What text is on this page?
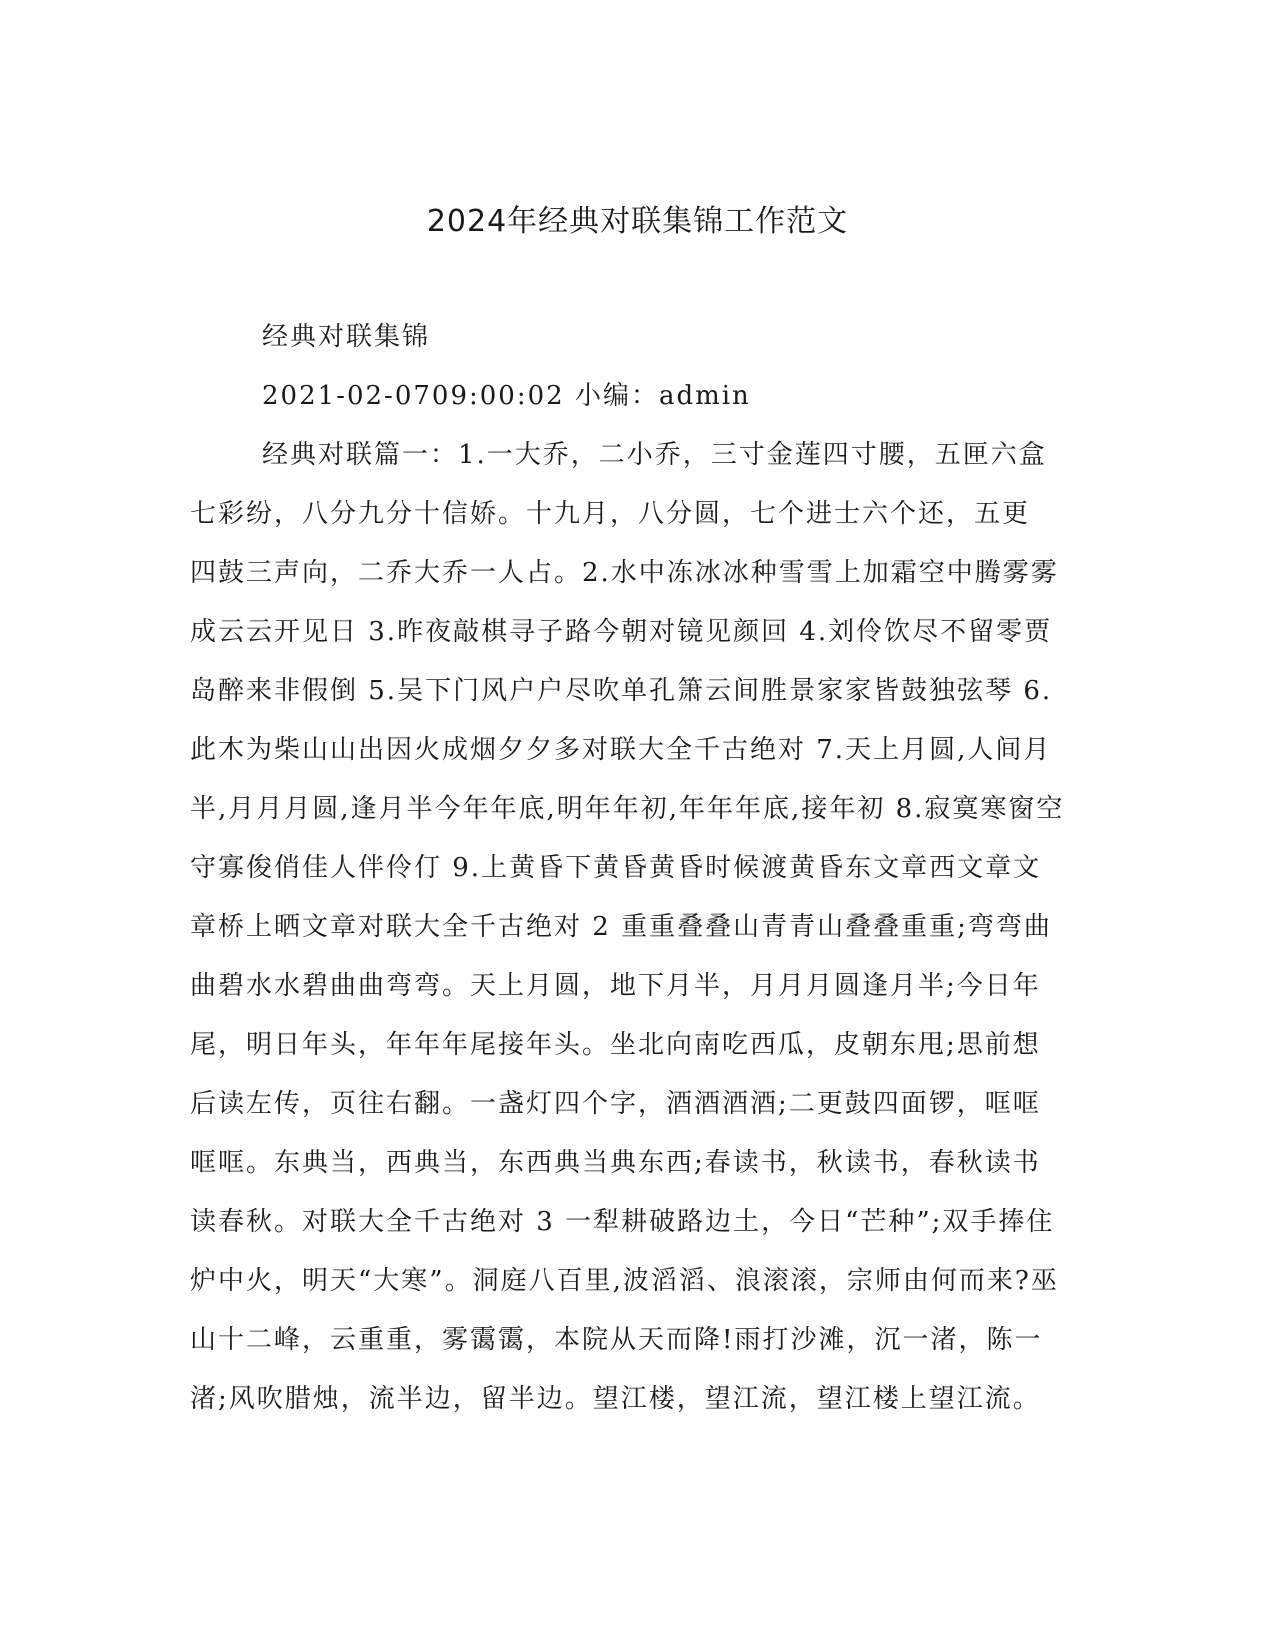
2024年经典对联集锦工作范文
经典对联集锦
2021-02-0709:00:02 小编：admin
经典对联篇一：1.一大乔，二小乔，三寸金莲四寸腰，五匣六盒
七彩纷，八分九分十信娇。十九月，八分圆，七个进士六个还，五更
四鼓三声向，二乔大乔一人占。2.水中冻冰冰种雪雪上加霜空中腾雾雾
成云云开见日 3.昨夜敲棋寻子路今朝对镜见颜回 4.刘伶饮尽不留零贾
岛醉来非假倒 5.吴下门风户户尽吹单孔箫云间胜景家家皆鼓独弦琴 6.
此木为柴山山出因火成烟夕夕多对联大全千古绝对 7.天上月圆,人间月
半,月月月圆,逢月半今年年底,明年年初,年年年底,接年初 8.寂寞寒窗空
守寡俊俏佳人伴伶仃 9.上黄昏下黄昏黄昏时候渡黄昏东文章西文章文
章桥上晒文章对联大全千古绝对 2 重重叠叠山青青山叠叠重重;弯弯曲
曲碧水水碧曲曲弯弯。天上月圆，地下月半，月月月圆逢月半;今日年
尾，明日年头，年年年尾接年头。坐北向南吃西瓜，皮朝东甩;思前想
后读左传，页往右翻。一盏灯四个字，酒酒酒酒;二更鼓四面锣，哐哐
哐哐。东典当，西典当，东西典当典东西;春读书，秋读书，春秋读书
读春秋。对联大全千古绝对 3 一犁耕破路边土，今日“芒种”;双手捧住
炉中火，明天“大寒”。洞庭八百里,波滔滔、浪滚滚，宗师由何而来?巫
山十二峰，云重重，雾霭霭，本院从天而降!雨打沙滩，沉一渚，陈一
渚;风吹腊烛，流半边，留半边。望江楼，望江流，望江楼上望江流。
